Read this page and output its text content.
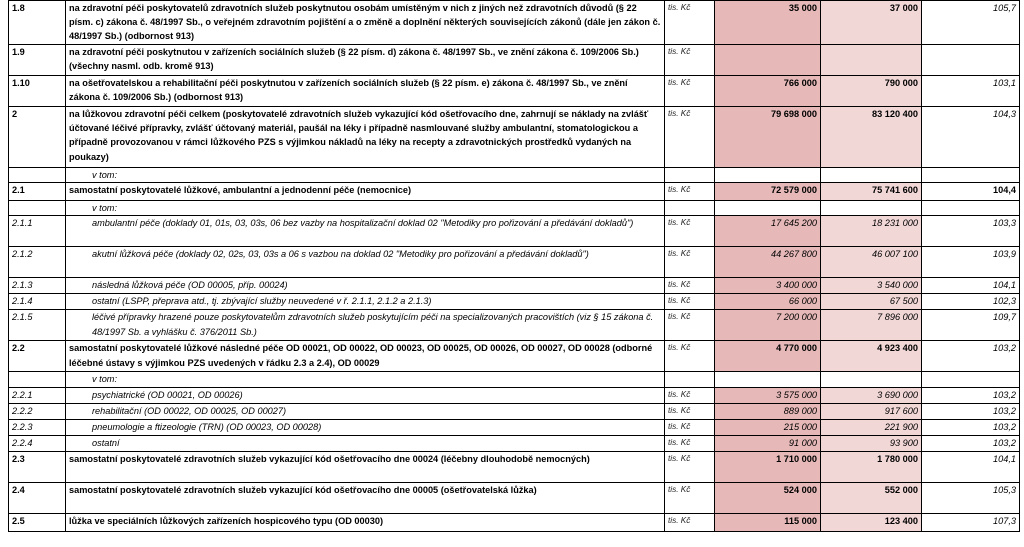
1.8	na zdravotní péči poskytovatelů zdravotních služeb poskytnutou osobám umístěným v nich z jiných než zdravotních důvodů (§ 22 písm. c) zákona č. 48/1997 Sb., o veřejném zdravotním pojištění a o změně a doplnění některých souvisejících zákonů (dále jen zákon č. 48/1997 Sb.) (odbornost 913)	tis. Kč	35 000	37 000	105,7
1.9	na zdravotní péči poskytnutou v zařízeních sociálních služeb (§ 22 písm. d) zákona č. 48/1997 Sb., ve znění zákona č. 109/2006 Sb.) (všechny nasml. odb. kromě 913)	tis. Kč			
1.10	na ošetřovatelskou a rehabilitační péči poskytnutou v zařízeních sociálních služeb (§ 22 písm. e) zákona č. 48/1997 Sb., ve znění zákona č. 109/2006 Sb.) (odbornost 913)	tis. Kč	766 000	790 000	103,1
2	na lůžkovou zdravotní péči celkem (poskytovatelé zdravotních služeb vykazující kód ošetřovacího dne, zahrnují se náklady na zvlášť účtované léčivé přípravky, zvlášť účtovaný materiál, paušál na léky i případně nasmlouvané služby ambulantní, stomatologickou a případně provozovanou v rámci lůžkového PZS s výjimkou nákladů na léky na recepty a zdravotnických prostředků vydaných na poukazy)	tis. Kč	79 698 000	83 120 400	104,3
	v tom:				
2.1	samostatní poskytovatelé lůžkové, ambulantní a jednodenní péče (nemocnice)	tis. Kč	72 579 000	75 741 600	104,4
	v tom:				
2.1.1	ambulantní péče (doklady 01, 01s, 03, 03s, 06 bez vazby na hospitalizační doklad 02 "Metodiky pro pořizování a předávání dokladů")	tis. Kč	17 645 200	18 231 000	103,3
2.1.2	akutní lůžková péče (doklady 02, 02s, 03, 03s a 06 s vazbou na doklad 02 "Metodiky pro pořizování a předávání dokladů")	tis. Kč	44 267 800	46 007 100	103,9
2.1.3	následná lůžková péče (OD 00005, příp. 00024)	tis. Kč	3 400 000	3 540 000	104,1
2.1.4	ostatní (LSPP, přeprava atd., tj. zbývající služby neuvedené v ř. 2.1.1, 2.1.2 a 2.1.3)	tis. Kč	66 000	67 500	102,3
2.1.5	léčivé přípravky hrazené pouze poskytovatelům zdravotních služeb poskytujícím péči na specializovaných pracovištích (viz § 15 zákona č. 48/1997 Sb. a vyhlášku č. 376/2011 Sb.)	tis. Kč	7 200 000	7 896 000	109,7
2.2	samostatní poskytovatelé lůžkové následné péče OD 00021, OD 00022, OD 00023, OD 00025, OD 00026, OD 00027, OD 00028 (odborné léčebné ústavy s výjimkou PZS uvedených v řádku 2.3 a 2.4), OD 00029	tis. Kč	4 770 000	4 923 400	103,2
	v tom:				
2.2.1	psychiatrické (OD 00021, OD 00026)	tis. Kč	3 575 000	3 690 000	103,2
2.2.2	rehabilitační (OD 00022, OD 00025, OD 00027)	tis. Kč	889 000	917 600	103,2
2.2.3	pneumologie a ftizeologie (TRN) (OD 00023, OD 00028)	tis. Kč	215 000	221 900	103,2
2.2.4	ostatní	tis. Kč	91 000	93 900	103,2
2.3	samostatní poskytovatelé zdravotních služeb vykazující kód ošetřovacího dne 00024 (léčebny dlouhodobě nemocných)	tis. Kč	1 710 000	1 780 000	104,1
2.4	samostatní poskytovatelé zdravotních služeb vykazující kód ošetřovacího dne 00005 (ošetřovatelská lůžka)	tis. Kč	524 000	552 000	105,3
2.5	lůžka ve speciálních lůžkových zařízeních hospicového typu (OD 00030)	tis. Kč	115 000	123 400	107,3
